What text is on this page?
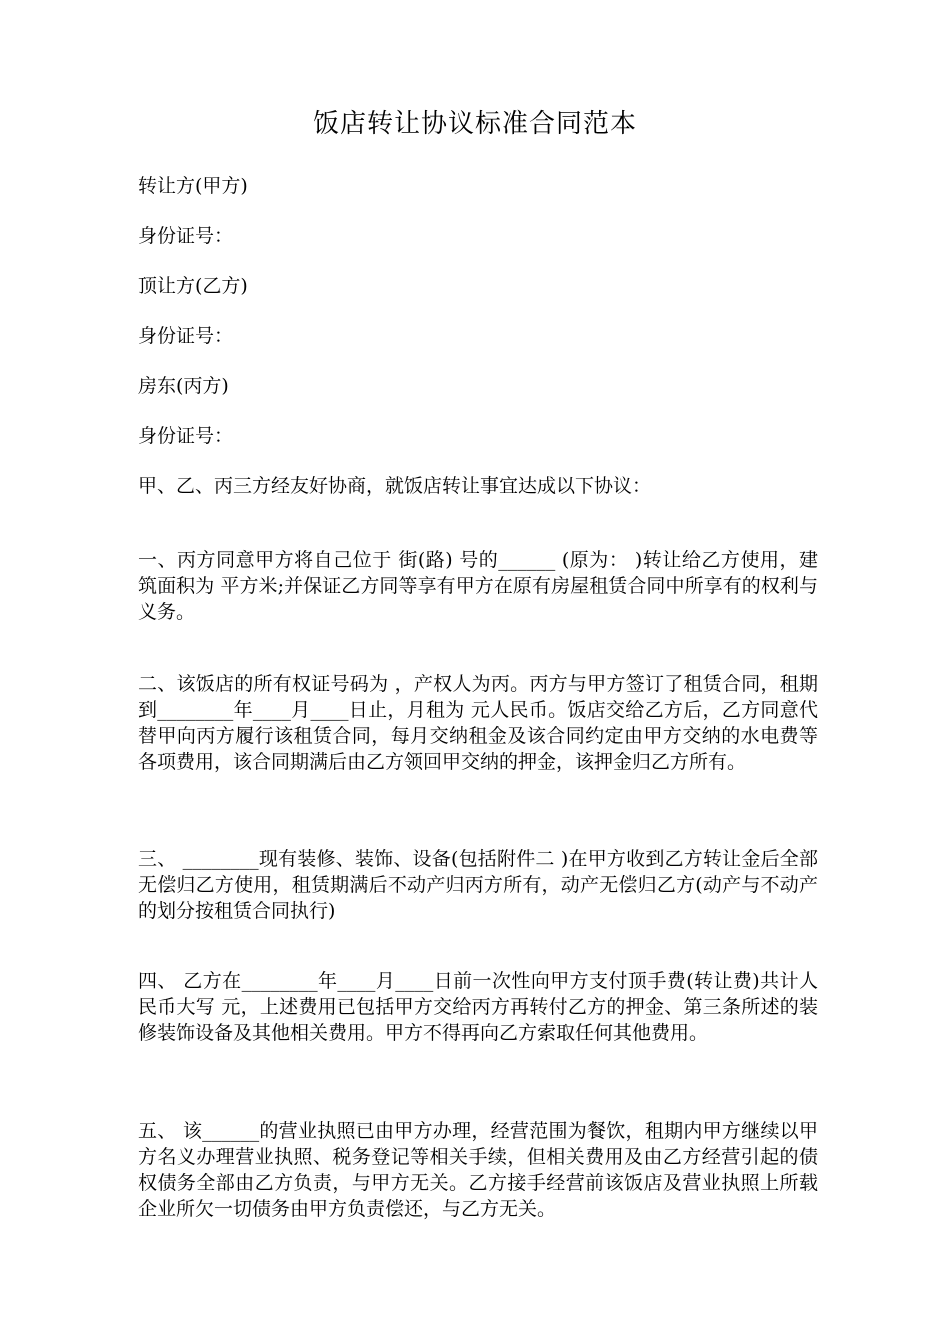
饭店转让协议标准合同范本
转让方(甲方)
身份证号：
顶让方(乙方)
身份证号：
房东(丙方)
身份证号：
甲、乙、丙三方经友好协商，就饭店转让事宜达成以下协议：
一、丙方同意甲方将自己位于 街(路) 号的______ (原为： )转让给乙方使用，建筑面积为 平方米;并保证乙方同等享有甲方在原有房屋租赁合同中所享有的权利与义务。
二、该饭店的所有权证号码为 ，产权人为丙。丙方与甲方签订了租赁合同，租期到________年____月____日止，月租为 元人民币。饭店交给乙方后，乙方同意代替甲向丙方履行该租赁合同，每月交纳租金及该合同约定由甲方交纳的水电费等各项费用，该合同期满后由乙方领回甲交纳的押金，该押金归乙方所有。
三、 ________现有装修、装饰、设备(包括附件二 )在甲方收到乙方转让金后全部无偿归乙方使用，租赁期满后不动产归丙方所有，动产无偿归乙方(动产与不动产的划分按租赁合同执行)
四、 乙方在________年____月____日前一次性向甲方支付顶手费(转让费)共计人民币大写 元，上述费用已包括甲方交给丙方再转付乙方的押金、第三条所述的装修装饰设备及其他相关费用。甲方不得再向乙方索取任何其他费用。
五、 该______的营业执照已由甲方办理，经营范围为餐饮，租期内甲方继续以甲方名义办理营业执照、税务登记等相关手续，但相关费用及由乙方经营引起的债权债务全部由乙方负责，与甲方无关。乙方接手经营前该饭店及营业执照上所载企业所欠一切债务由甲方负责偿还，与乙方无关。
